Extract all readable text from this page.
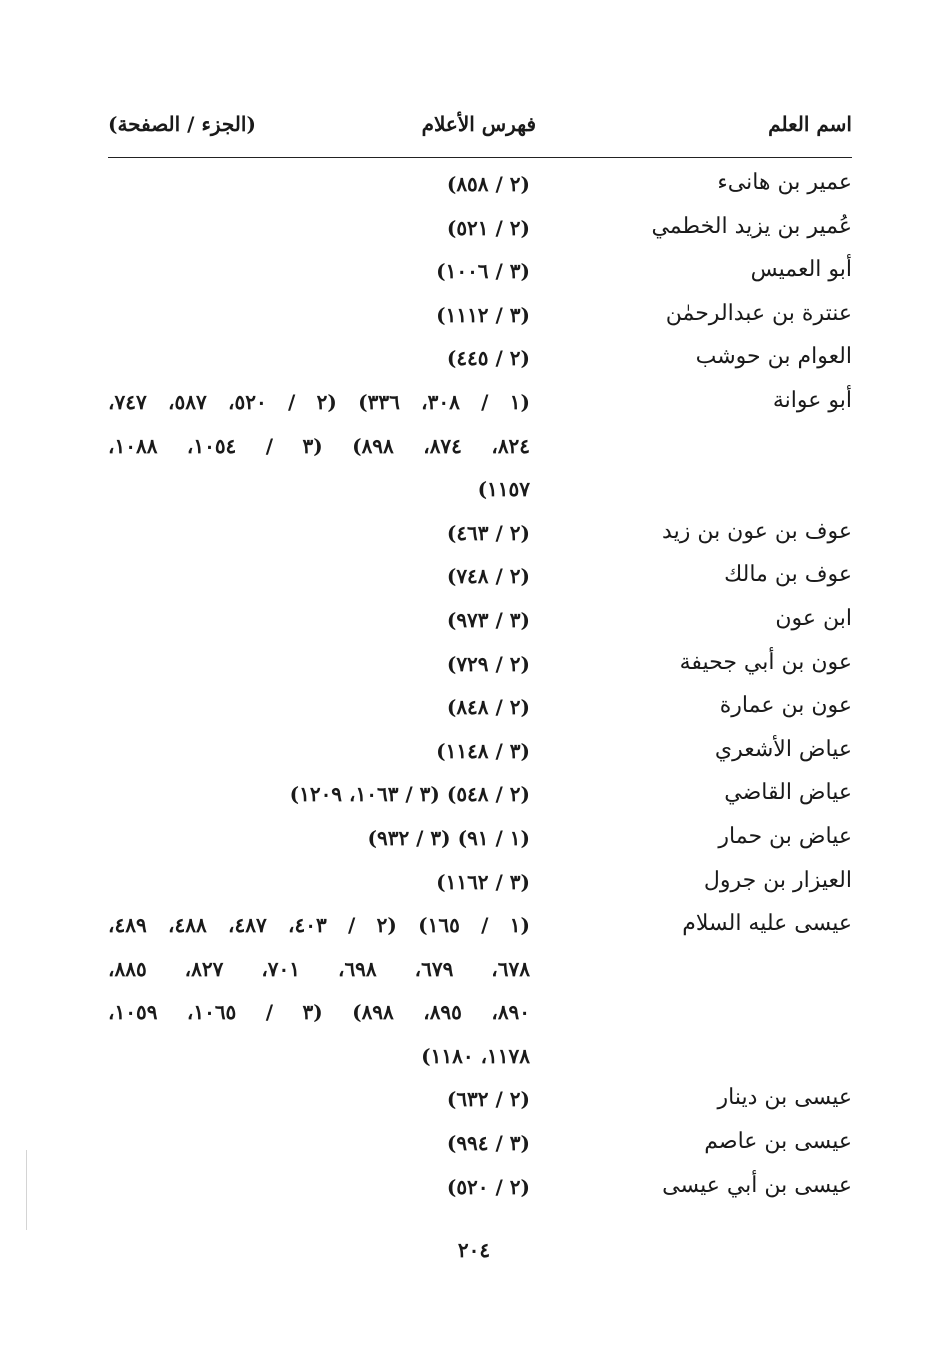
اسم العلم
فهرس الأعلام
(الجزء / الصفحة)
عمير بن هانىء
(٢ / ٨٥٨)
عُمير بن يزيد الخطمي
(٢ / ٥٢١)
أبو العميس
(٣ / ١٠٠٦)
عنترة بن عبدالرحمٰن
(٣ / ١١١٢)
العوام بن حوشب
(٢ / ٤٤٥)
أبو عوانة
(١ / ٣٠٨، ٣٣٦) (٢ / ٥٢٠، ٥٨٧، ٧٤٧،
٨٢٤، ٨٧٤، ٨٩٨) (٣ / ١٠٥٤، ١٠٨٨،
١١٥٧)
عوف بن عون بن زيد
(٢ / ٤٦٣)
عوف بن مالك
(٢ / ٧٤٨)
ابن عون
(٣ / ٩٧٣)
عون بن أبي جحيفة
(٢ / ٧٢٩)
عون بن عمارة
(٢ / ٨٤٨)
عياض الأشعري
(٣ / ١١٤٨)
عياض القاضي
(٢ / ٥٤٨) (٣ / ١٠٦٣، ١٢٠٩)
عياض بن حمار
(١ / ٩١) (٣ / ٩٣٢)
العيزار بن جرول
(٣ / ١١٦٢)
عيسى عليه السلام
(١ / ١٦٥) (٢ / ٤٠٣، ٤٨٧، ٤٨٨، ٤٨٩،
٦٧٨، ٦٧٩، ٦٩٨، ٧٠١، ٨٢٧، ٨٨٥،
٨٩٠، ٨٩٥، ٨٩٨) (٣ / ١٠٦٥، ١٠٥٩،
١١٧٨، ١١٨٠)
عيسى بن دينار
(٢ / ٦٣٢)
عيسى بن عاصم
(٣ / ٩٩٤)
عيسى بن أبي عيسى
(٢ / ٥٢٠)
٢٠٤
